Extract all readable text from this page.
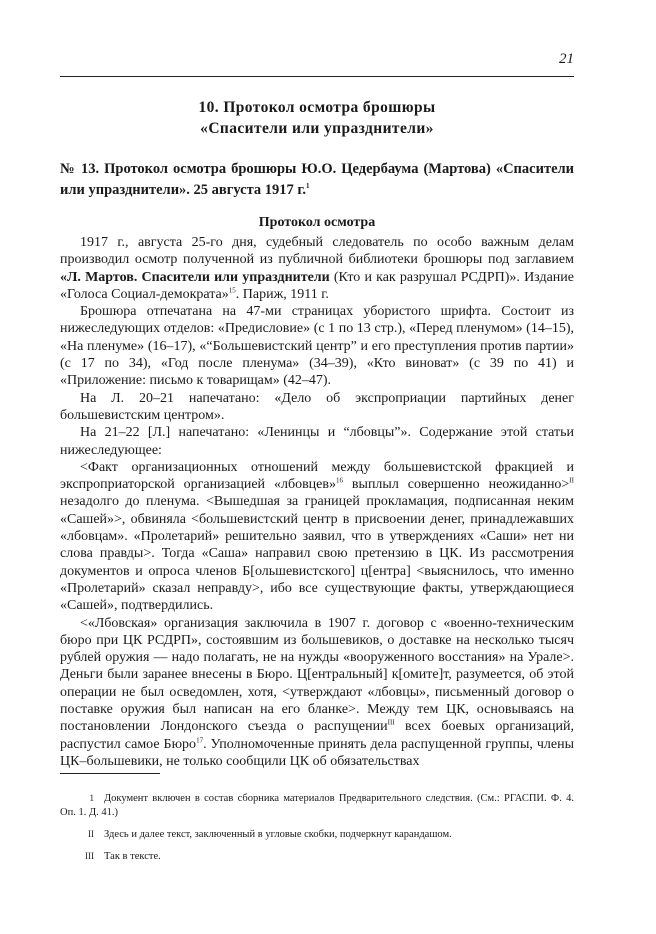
21
10. Протокол осмотра брошюры
«Спасители или упразднители»
№ 13. Протокол осмотра брошюры Ю.О. Цедербаума (Мартова) «Спасители или упразднители». 25 августа 1917 г.$^1$
Протокол осмотра

1917 г., августа 25-го дня, судебный следователь по особо важным делам производил осмотр полученной из публичной библиотеки брошюры под заглавием «Л. Мартов. Спасители или упразднители (Кто и как разрушал РСДРП)». Издание «Голоса Социал-демократа»$^{15}$. Париж, 1911 г.

Брошюра отпечатана на 47-ми страницах убористого шрифта. Состоит из нижеследующих отделов: «Предисловие» (с 1 по 13 стр.), «Перед пленумом» (14–15), «На пленуме» (16–17), «“Большевистский центр” и его преступления против партии» (с 17 по 34), «Год после пленума» (34–39), «Кто виноват» (с 39 по 41) и «Приложение: письмо к товарищам» (42–47).

На Л. 20–21 напечатано: «Дело об экспроприации партийных денег большевистским центром».

На 21–22 [Л.] напечатано: «Ленинцы и “лбовцы”». Содержание этой статьи нижеследующее:

<Факт организационных отношений между большевистской фракцией и экспроприаторской организацией «лбовцев»$^{16}$ выплыл совершенно неожиданно>$^{II}$ незадолго до пленума. <Вышедшая за границей прокламация, подписанная неким «Сашей»>, обвиняла <большевистский центр в присвоении денег, принадлежавших «лбовцам». «Пролетарий» решительно заявил, что в утверждениях «Саши» нет ни слова правды>. Тогда «Саша» направил свою претензию в ЦК. Из рассмотрения документов и опроса членов Б[ольшевистского] ц[ентра] <выяснилось, что именно «Пролетарий» сказал неправду>, ибо все существующие факты, утверждающиеся «Сашей», подтвердились.

<«Лбовская» организация заключила в 1907 г. договор с «военно-техническим бюро при ЦК РСДРП», состоявшим из большевиков, о доставке на несколько тысяч рублей оружия — надо полагать, не на нужды «вооруженного восстания» на Урале>. Деньги были заранее внесены в Бюро. Ц[ентральный] к[омите]т, разумеется, об этой операции не был осведомлен, хотя, <утверждают «лбовцы», письменный договор о поставке оружия был написан на его бланке>. Между тем ЦК, основываясь на постановлении Лондонского съезда о распущении$^{III}$ всех боевых организаций, распустил самое Бюро$^{17}$. Уполномоченные принять дела распущенной группы, члены ЦК–большевики, не только сообщили ЦК об обязательствах

1 Документ включен в состав сборника материалов Предварительного следствия. (См.: РГАСПИ. Ф. 4. Оп. 1. Д. 41.)
II Здесь и далее текст, заключенный в угловые скобки, подчеркнут карандашом.
III Так в тексте.
